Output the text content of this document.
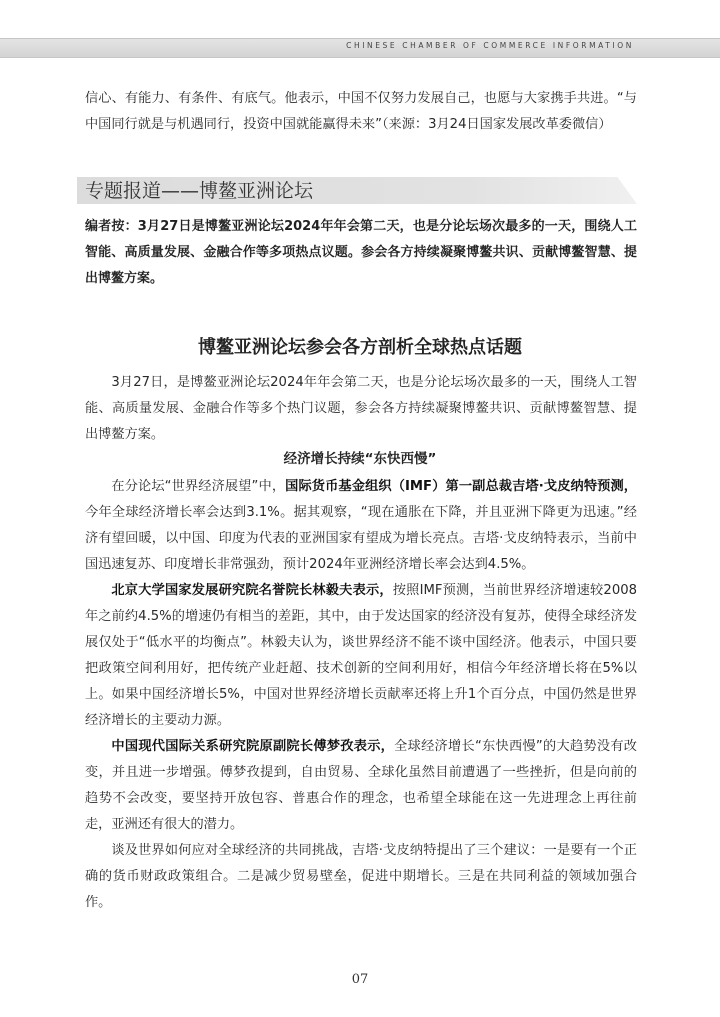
CHINESE CHAMBER OF COMMERCE INFORMATION

信心、有能力、有条件、有底气。他表示，中国不仅努力发展自己，也愿与大家携手共进。“与中国同行就是与机遇同行，投资中国就能赢得未来”（来源：3月24日国家发展改革委微信）

专题报道——博鳌亚洲论坛

编者按：3月27日是博鳌亚洲论坛2024年年会第二天，也是分论坛场次最多的一天，围绕人工智能、高质量发展、金融合作等多项热点议题。参会各方持续凝聚博鳌共识、贡献博鳌智慧、提出博鳌方案。

博鳌亚洲论坛参会各方剖析全球热点话题

3月27日，是博鳌亚洲论坛2024年年会第二天，也是分论坛场次最多的一天，围绕人工智能、高质量发展、金融合作等多个热门议题，参会各方持续凝聚博鳌共识、贡献博鳌智慧、提出博鳌方案。

经济增长持续“东快西慢”

在分论坛“世界经济展望”中，国际货币基金组织（IMF）第一副总裁吉塔·戈皮纳特预测，今年全球经济增长率会达到3.1%。据其观察，“现在通胀在下降，并且亚洲下降更为迅速。”经济有望回暖，以中国、印度为代表的亚洲国家有望成为增长亮点。吉塔·戈皮纳特表示，当前中国迅速复苏、印度增长非常强劲，预计2024年亚洲经济增长率会达到4.5%。

北京大学国家发展研究院名誉院长林毅夫表示，按照IMF预测，当前世界经济增速较2008年之前约4.5%的增速仍有相当的差距，其中，由于发达国家的经济没有复苏，使得全球经济发展仅处于“低水平的均衡点”。林毅夫认为，谈世界经济不能不谈中国经济。他表示，中国只要把政策空间利用好，把传统产业赶超、技术创新的空间利用好，相信今年经济增长将在5%以上。如果中国经济增长5%，中国对世界经济增长贡献率还将上升1个百分点，中国仍然是世界经济增长的主要动力源。

中国现代国际关系研究院原副院长傅梦孜表示，全球经济增长“东快西慢”的大趋势没有改变，并且进一步增强。傅梦孜提到，自由贸易、全球化虽然目前遭遇了一些挫折，但是向前的趋势不会改变，要坚持开放包容、普惠合作的理念，也希望全球能在这一先进理念上再往前走，亚洲还有很大的潜力。

谈及世界如何应对全球经济的共同挑战，吉塔·戈皮纳特提出了三个建议：一是要有一个正确的货币财政政策组合。二是减少贸易壁垒，促进中期增长。三是在共同利益的领域加强合作。

07
